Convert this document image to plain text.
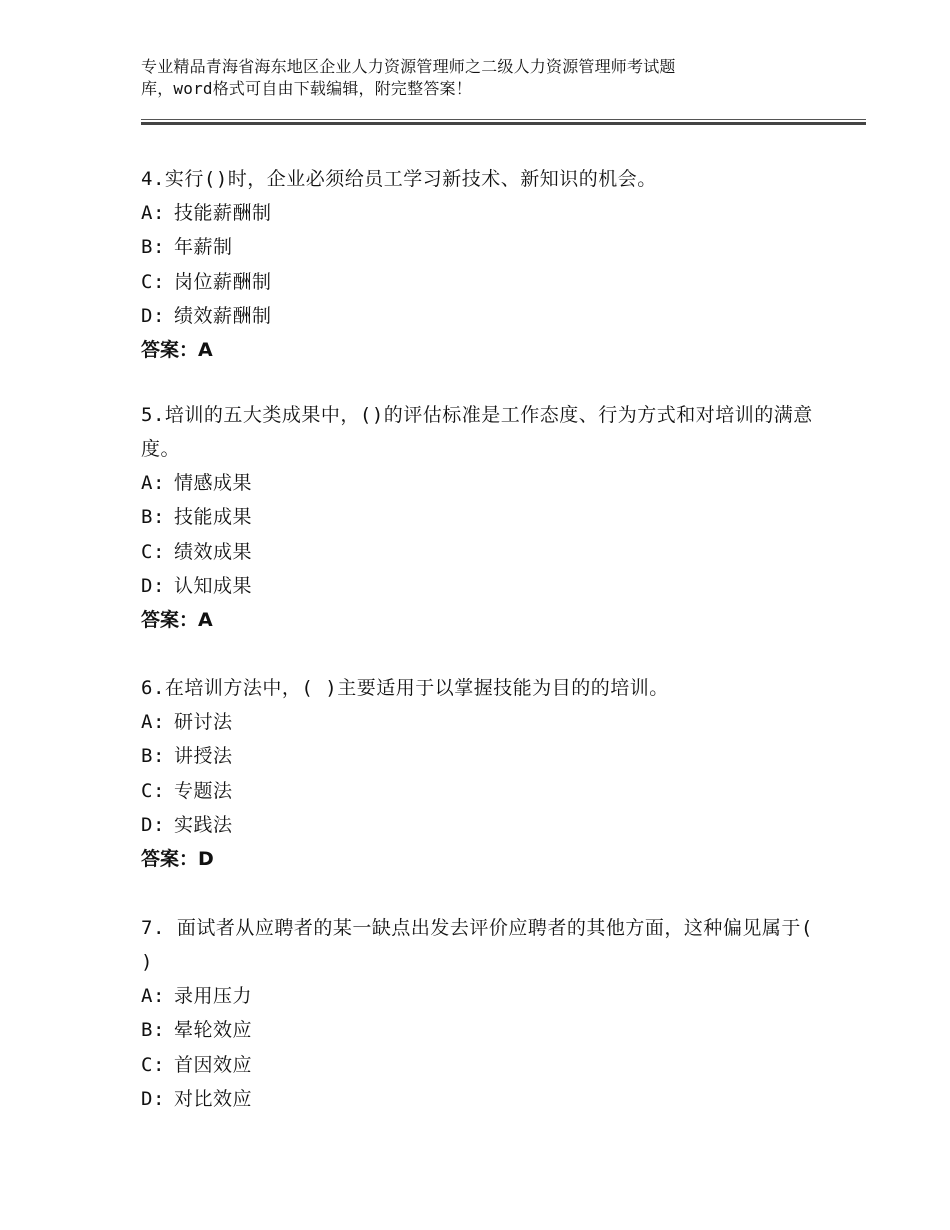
专业精品青海省海东地区企业人力资源管理师之二级人力资源管理师考试题
库，word格式可自由下载编辑，附完整答案！

4.实行()时，企业必须给员工学习新技术、新知识的机会。

A: 技能薪酬制

B: 年薪制

C: 岗位薪酬制

D: 绩效薪酬制

答案：A

5.培训的五大类成果中，()的评估标准是工作态度、行为方式和对培训的满意度。

A: 情感成果

B: 技能成果

C: 绩效成果

D: 认知成果

答案：A

6.在培训方法中，( )主要适用于以掌握技能为目的的培训。

A: 研讨法

B: 讲授法

C: 专题法

D: 实践法

答案：D

7. 面试者从应聘者的某一缺点出发去评价应聘者的其他方面，这种偏见属于( )

A: 录用压力

B: 晕轮效应

C: 首因效应

D: 对比效应
